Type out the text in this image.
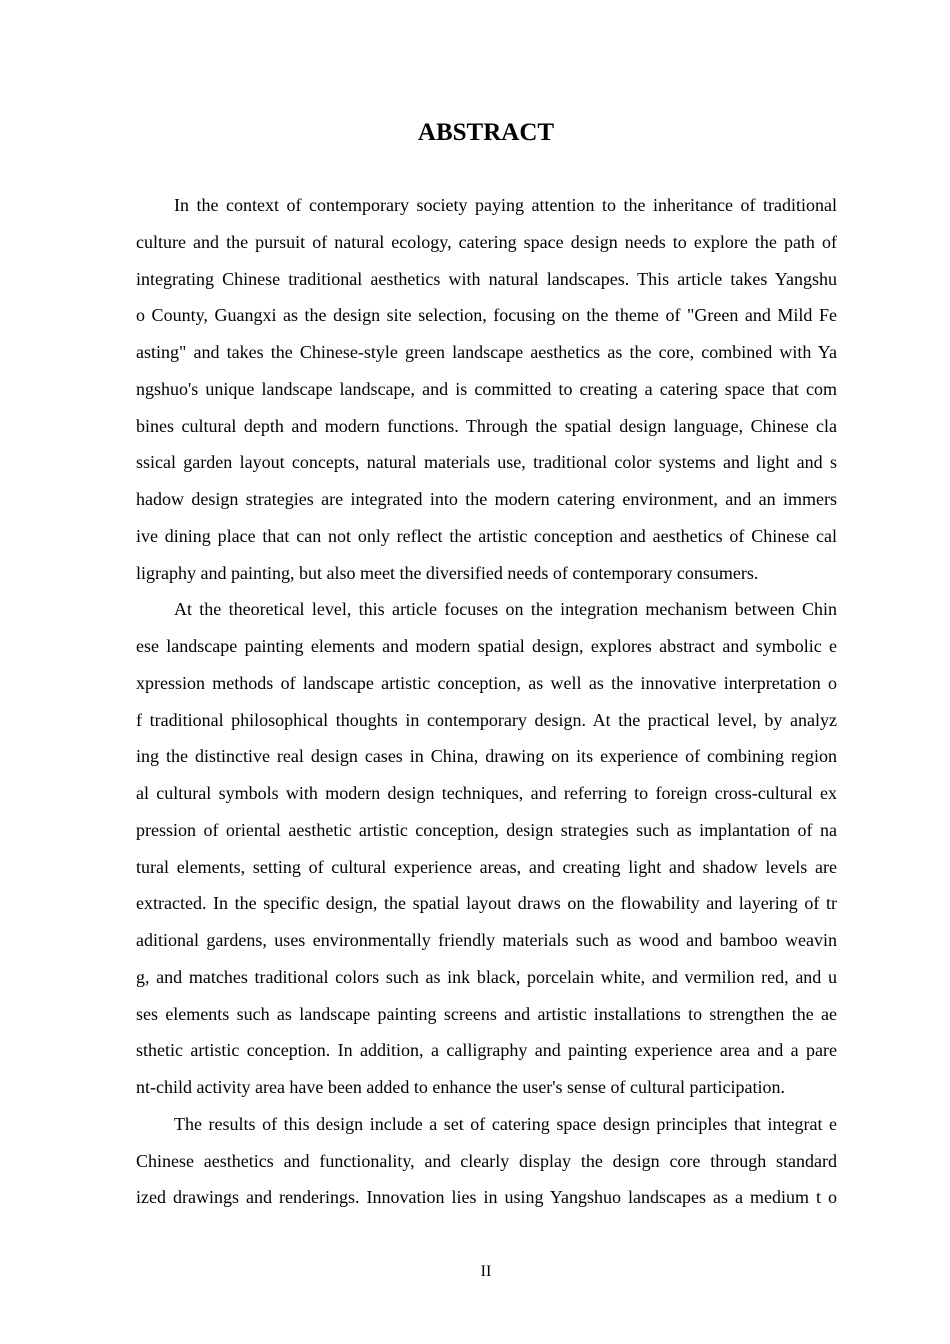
ABSTRACT
In the context of contemporary society paying attention to the inheritance of traditional
culture and the pursuit of natural ecology, catering space design needs to explore the path of
integrating Chinese traditional aesthetics with natural landscapes. This article takes Yangshu
o County, Guangxi as the design site selection, focusing on the theme of "Green and Mild Fe
asting" and takes the Chinese-style green landscape aesthetics as the core, combined with Ya
ngshuo's unique landscape landscape, and is committed to creating a catering space that com
bines cultural depth and modern functions. Through the spatial design language, Chinese cla
ssical garden layout concepts, natural materials use, traditional color systems and light and s
hadow design strategies are integrated into the modern catering environment, and an immers
ive dining place that can not only reflect the artistic conception and aesthetics of Chinese cal
ligraphy and painting, but also meet the diversified needs of contemporary consumers.
At the theoretical level, this article focuses on the integration mechanism between Chin
ese landscape painting elements and modern spatial design, explores abstract and symbolic e
xpression methods of landscape artistic conception, as well as the innovative interpretation o
f traditional philosophical thoughts in contemporary design. At the practical level, by analyz
ing the distinctive real design cases in China, drawing on its experience of combining region
al cultural symbols with modern design techniques, and referring to foreign cross-cultural ex
pression of oriental aesthetic artistic conception, design strategies such as implantation of na
tural elements, setting of cultural experience areas, and creating light and shadow levels are
extracted. In the specific design, the spatial layout draws on the flowability and layering of tr
aditional gardens, uses environmentally friendly materials such as wood and bamboo weavin
g, and matches traditional colors such as ink black, porcelain white, and vermilion red, and u
ses elements such as landscape painting screens and artistic installations to strengthen the ae
sthetic artistic conception. In addition, a calligraphy and painting experience area and a pare
nt-child activity area have been added to enhance the user's sense of cultural participation.
The results of this design include a set of catering space design principles that integrat e
Chinese aesthetics and functionality, and clearly display the design core through standard
ized drawings and renderings. Innovation lies in using Yangshuo landscapes as a medium t o
II
